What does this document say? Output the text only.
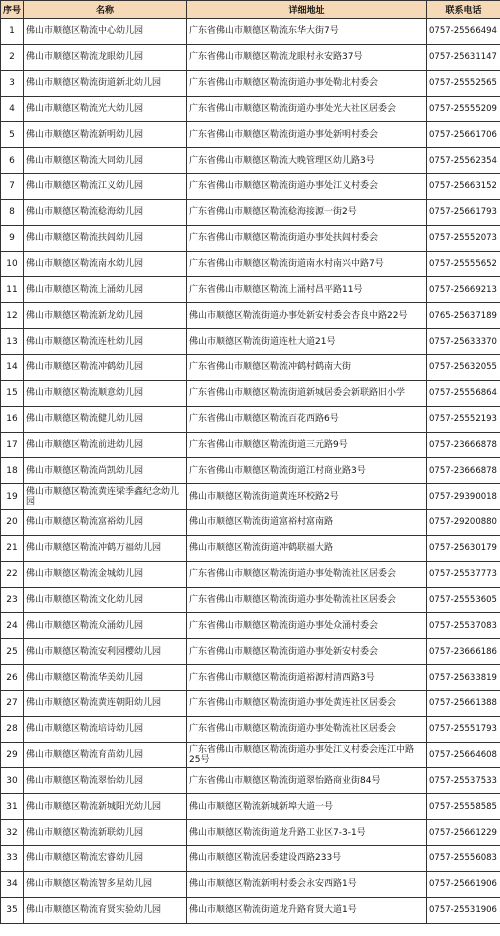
序号	名称	详细地址	联系电话
1	佛山市顺德区勒流中心幼儿园	广东省佛山市顺德区勒流东华大街7号	0757-25566494
2	佛山市顺德区勒流龙眼幼儿园	广东省佛山市顺德区勒流龙眼村永安路37号	0757-25631147
3	佛山市顺德区勒流街道新北幼儿园	广东省佛山市顺德区勒流街道办事处勒北村委会	0757-25552565
4	佛山市顺德区勒流光大幼儿园	广东省佛山市顺德区勒流街道办事处光大社区居委会	0757-25555209
5	佛山市顺德区勒流新明幼儿园	广东省佛山市顺德区勒流街道办事处新明村委会	0757-25661706
6	佛山市顺德区勒流大同幼儿园	广东省佛山市顺德区勒流大晚管理区幼儿路3号	0757-25562354
7	佛山市顺德区勒流江义幼儿园	广东省佛山市顺德区勒流街道办事处江义村委会	0757-25663152
8	佛山市顺德区勒流稔海幼儿园	广东省佛山市顺德区勒流稔海接源一街2号	0757-25661793
9	佛山市顺德区勒流扶闾幼儿园	广东省佛山市顺德区勒流街道办事处扶闾村委会	0757-25552073
10	佛山市顺德区勒流南水幼儿园	广东省佛山市顺德区勒流街道南水村南兴中路7号	0757-25555652
11	佛山市顺德区勒流上涌幼儿园	广东省佛山市顺德区勒流上涌村昌平路11号	0757-25669213
12	佛山市顺德区勒流新龙幼儿园	佛山市顺德区勒流街道办事处新安村委会杏良中路22号	0765-25637189
13	佛山市顺德区勒流连杜幼儿园	佛山市顺德区勒流街道连杜大道21号	0757-25633370
14	佛山市顺德区勒流冲鹤幼儿园	广东省佛山市顺德区勒流冲鹤村鹤南大街	0757-25632055
15	佛山市顺德区勒流顺意幼儿园	广东省佛山市顺德区勒流街道新城居委会新联路旧小学	0757-25556864
16	佛山市顺德区勒流健儿幼儿园	广东省佛山市顺德区勒流百花西路6号	0757-25552193
17	佛山市顺德区勒流前进幼儿园	广东省佛山市顺德区勒流街道三元路9号	0757-23666878
18	佛山市顺德区勒流尚凯幼儿园	广东省佛山市顺德区勒流街道江村商业路3号	0757-23666878
19	佛山市顺德区勒流黄连梁季鑫纪念幼儿园	佛山市顺德区勒流街道黄连环校路2号	0757-29390018
20	佛山市顺德区勒流富裕幼儿园	佛山市顺德区勒流街道富裕村富南路	0757-29200880
21	佛山市顺德区勒流冲鹤万福幼儿园	佛山市顺德区勒流街道冲鹤联福大路	0757-25630179
22	佛山市顺德区勒流金城幼儿园	广东省佛山市顺德区勒流街道办事处勒流社区居委会	0757-25537773
23	佛山市顺德区勒流文化幼儿园	广东省佛山市顺德区勒流街道办事处勒流社区居委会	0757-25553605
24	佛山市顺德区勒流众涌幼儿园	广东省佛山市顺德区勒流街道办事处众涌村委会	0757-25537083
25	佛山市顺德区勒流安利园樱幼儿园	广东省佛山市顺德区勒流街道办事处新安村委会	0757-23666186
26	佛山市顺德区勒流华美幼儿园	广东省佛山市顺德区勒流街道裕源村清西路3号	0757-25633819
27	佛山市顺德区勒流黄连朝阳幼儿园	广东省佛山市顺德区勒流街道办事处黄连社区居委会	0757-25661388
28	佛山市顺德区勒流培诗幼儿园	广东省佛山市顺德区勒流街道办事处勒流社区居委会	0757-25551793
29	佛山市顺德区勒流育苗幼儿园	广东省佛山市顺德区勒流街道办事处江义村委会连江中路25号	0757-25664608
30	佛山市顺德区勒流翠怡幼儿园	广东省佛山市顺德区勒流街道翠怡路商业街84号	0757-25537533
31	佛山市顺德区勒流新城阳光幼儿园	佛山市顺德区勒流新城新埠大道一号	0757-25558585
32	佛山市顺德区勒流新联幼儿园	佛山市顺德区勒流街道龙升路工业区7-3-1号	0757-25661229
33	佛山市顺德区勒流宏睿幼儿园	佛山市顺德区勒流居委建设西路233号	0757-25556083
34	佛山市顺德区勒流智多星幼儿园	佛山市顺德区勒流新明村委会永安西路1号	0757-25661906
35	佛山市顺德区勒流育贤实验幼儿园	佛山市顺德区勒流街道龙升路育贤大道1号	0757-25531906
